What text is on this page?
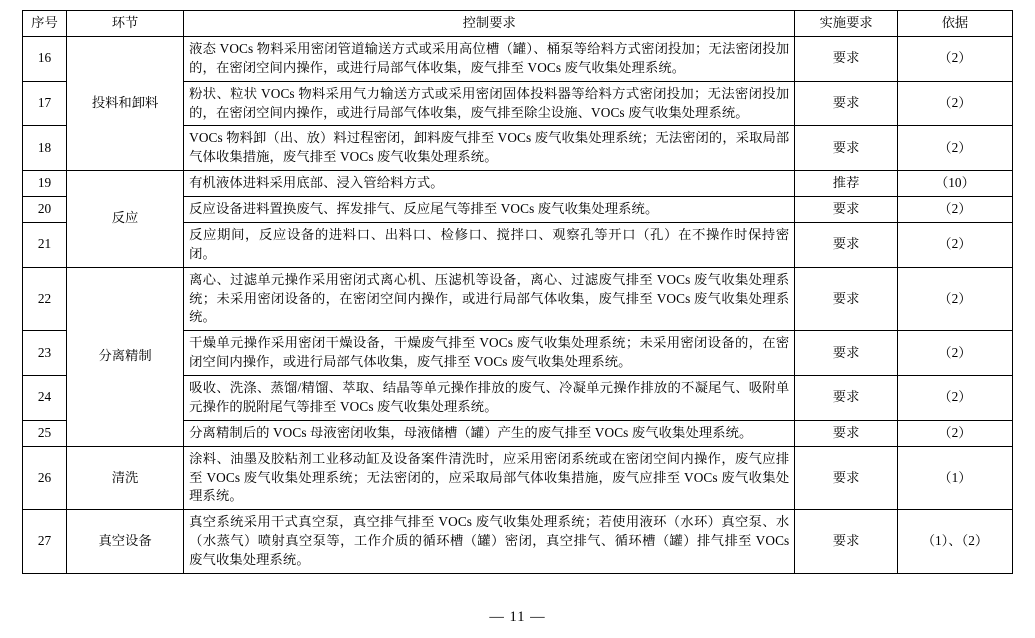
序号	环节	控制要求	实施要求	依据
16	投料和卸料	液态 VOCs 物料采用密闭管道输送方式或采用高位槽（罐）、桶泵等给料方式密闭投加；无法密闭投加的，在密闭空间内操作，或进行局部气体收集，废气排至 VOCs 废气收集处理系统。	要求	（2）
17		粉状、粒状 VOCs 物料采用气力输送方式或采用密闭固体投料器等给料方式密闭投加；无法密闭投加的，在密闭空间内操作，或进行局部气体收集，废气排至除尘设施、VOCs 废气收集处理系统。	要求	（2）
18		VOCs 物料卸（出、放）料过程密闭，卸料废气排至 VOCs 废气收集处理系统；无法密闭的，采取局部气体收集措施，废气排至 VOCs 废气收集处理系统。	要求	（2）
19	反应	有机液体进料采用底部、浸入管给料方式。	推荐	（10）
20		反应设备进料置换废气、挥发排气、反应尾气等排至 VOCs 废气收集处理系统。	要求	（2）
21		反应期间，反应设备的进料口、出料口、检修口、搅拌口、观察孔等开口（孔）在不操作时保持密闭。	要求	（2）
22	分离精制	离心、过滤单元操作采用密闭式离心机、压滤机等设备，离心、过滤废气排至 VOCs 废气收集处理系统；未采用密闭设备的，在密闭空间内操作，或进行局部气体收集，废气排至 VOCs 废气收集处理系统。	要求	（2）
23		干燥单元操作采用密闭干燥设备，干燥废气排至 VOCs 废气收集处理系统；未采用密闭设备的，在密闭空间内操作，或进行局部气体收集，废气排至 VOCs 废气收集处理系统。	要求	（2）
24		吸收、洗涤、蒸馏/精馏、萃取、结晶等单元操作排放的废气、冷凝单元操作排放的不凝尾气、吸附单元操作的脱附尾气等排至 VOCs 废气收集处理系统。	要求	（2）
25		分离精制后的 VOCs 母液密闭收集，母液储槽（罐）产生的废气排至 VOCs 废气收集处理系统。	要求	（2）
26	清洗	涂料、油墨及胶粘剂工业移动缸及设备案件清洗时，应采用密闭系统或在密闭空间内操作，废气应排至 VOCs 废气收集处理系统；无法密闭的，应采取局部气体收集措施，废气应排至 VOCs 废气收集处理系统。	要求	（1）
27	真空设备	真空系统采用干式真空泵，真空排气排至 VOCs 废气收集处理系统；若使用液环（水环）真空泵、水（水蒸气）喷射真空泵等，工作介质的循环槽（罐）密闭，真空排气、循环槽（罐）排气排至 VOCs 废气收集处理系统。	要求	（1）、（2）
— 11 —
